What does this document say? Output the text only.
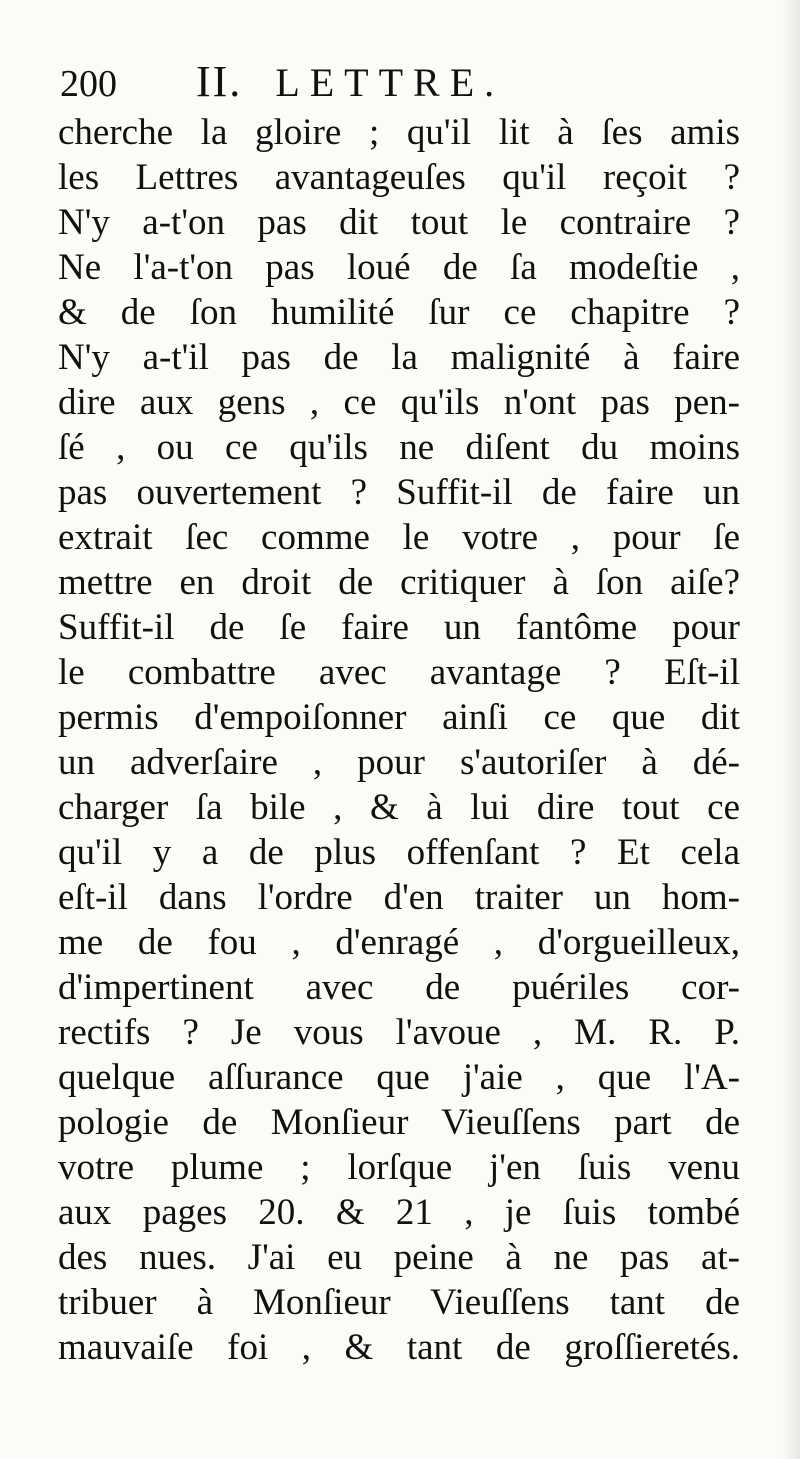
200 II. LETTRE.
cherche la gloire ; qu'il lit à ſes amis
les Lettres avantageuſes qu'il reçoit ?
N'y a-t'on pas dit tout le contraire ?
Ne l'a-t'on pas loué de ſa modeſtie ,
& de ſon humilité ſur ce chapitre ?
N'y a-t'il pas de la malignité à faire
dire aux gens , ce qu'ils n'ont pas pen-
ſé , ou ce qu'ils ne diſent du moins
pas ouvertement ? Suffit-il de faire un
extrait ſec comme le votre , pour ſe
mettre en droit de critiquer à ſon aiſe?
Suffit-il de ſe faire un fantôme pour
le combattre avec avantage ? Eſt-il
permis d'empoiſonner ainſi ce que dit
un adverſaire , pour s'autoriſer à dé-
charger ſa bile , & à lui dire tout ce
qu'il y a de plus offenſant ? Et cela
eſt-il dans l'ordre d'en traiter un hom-
me de fou , d'enragé , d'orgueilleux,
d'impertinent avec de puériles cor-
rectifs ? Je vous l'avoue , M. R. P.
quelque aſſurance que j'aie , que l'A-
pologie de Monſieur Vieuſſens part de
votre plume ; lorſque j'en ſuis venu
aux pages 20. & 21 , je ſuis tombé
des nues. J'ai eu peine à ne pas at-
tribuer à Monſieur Vieuſſens tant de
mauvaiſe foi , & tant de groſſieretés.
